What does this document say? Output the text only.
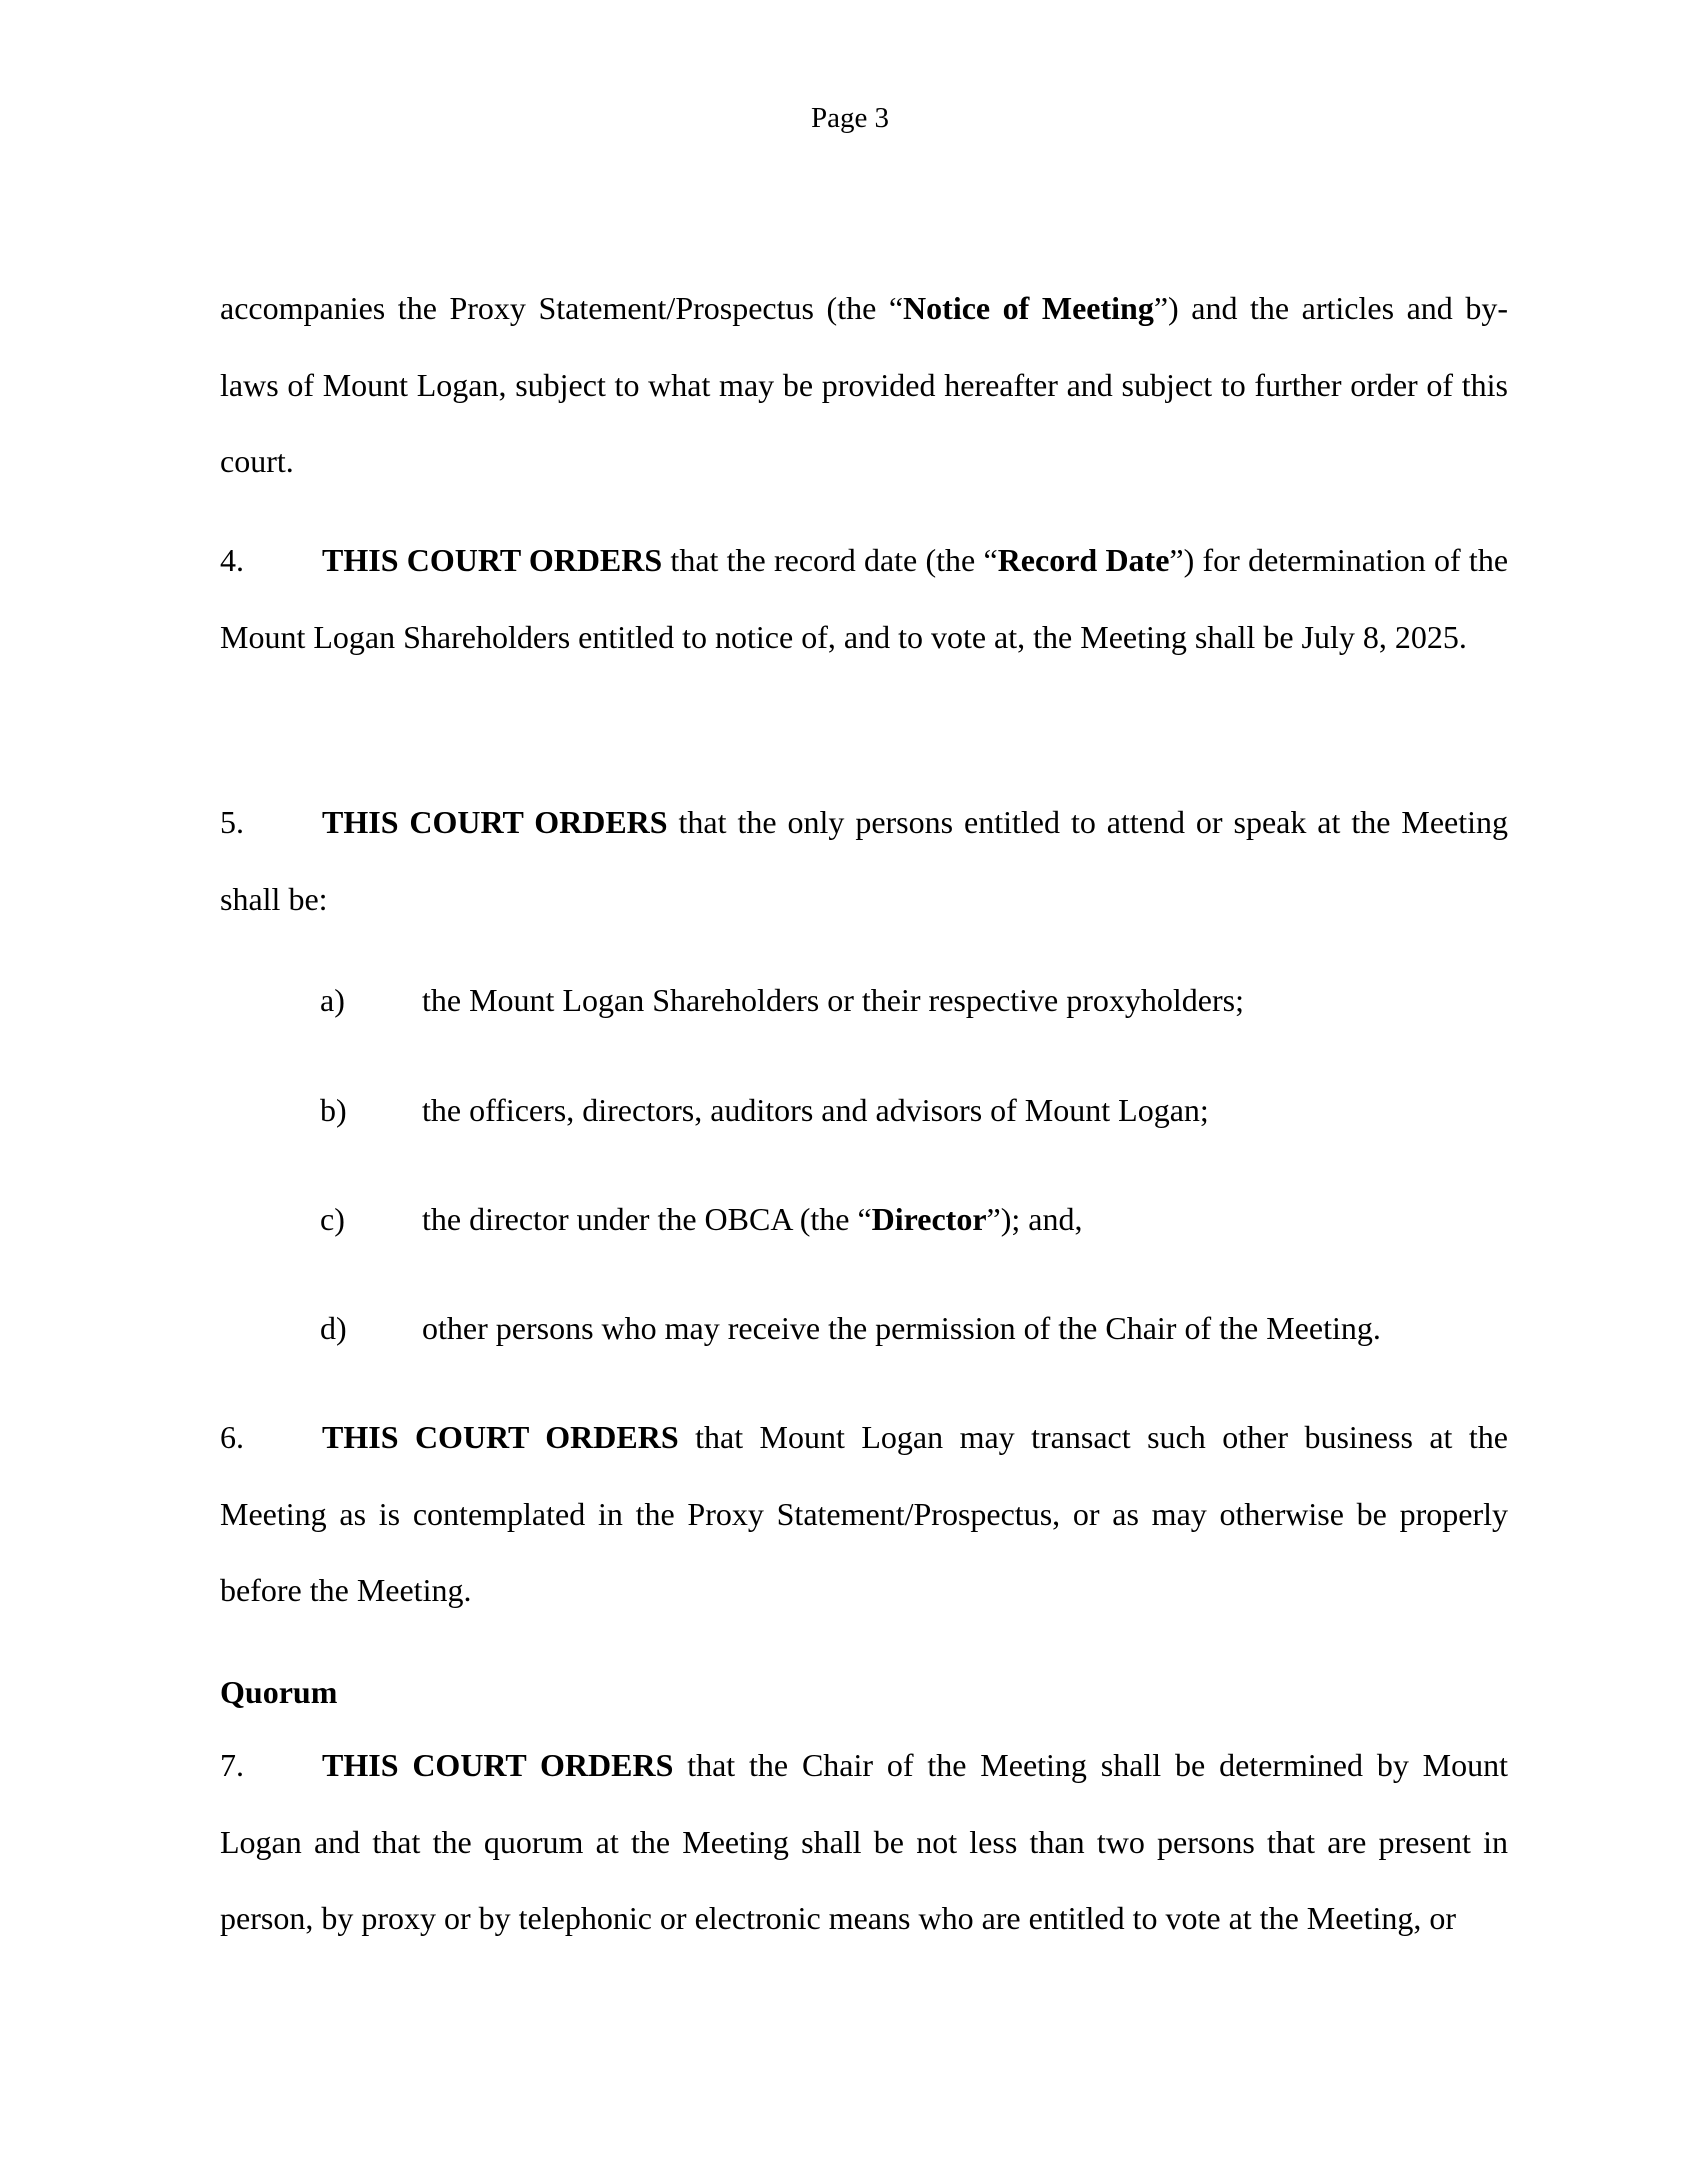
Page 3

accompanies the Proxy Statement/Prospectus (the “Notice of Meeting”) and the articles and by-laws of Mount Logan, subject to what may be provided hereafter and subject to further order of this court.

4. THIS COURT ORDERS that the record date (the “Record Date”) for determination of the Mount Logan Shareholders entitled to notice of, and to vote at, the Meeting shall be July 8, 2025.

5. THIS COURT ORDERS that the only persons entitled to attend or speak at the Meeting shall be:

a) the Mount Logan Shareholders or their respective proxyholders;
b) the officers, directors, auditors and advisors of Mount Logan;
c) the director under the OBCA (the “Director”); and,
d) other persons who may receive the permission of the Chair of the Meeting.

6. THIS COURT ORDERS that Mount Logan may transact such other business at the Meeting as is contemplated in the Proxy Statement/Prospectus, or as may otherwise be properly before the Meeting.

Quorum

7. THIS COURT ORDERS that the Chair of the Meeting shall be determined by Mount Logan and that the quorum at the Meeting shall be not less than two persons that are present in person, by proxy or by telephonic or electronic means who are entitled to vote at the Meeting, or
